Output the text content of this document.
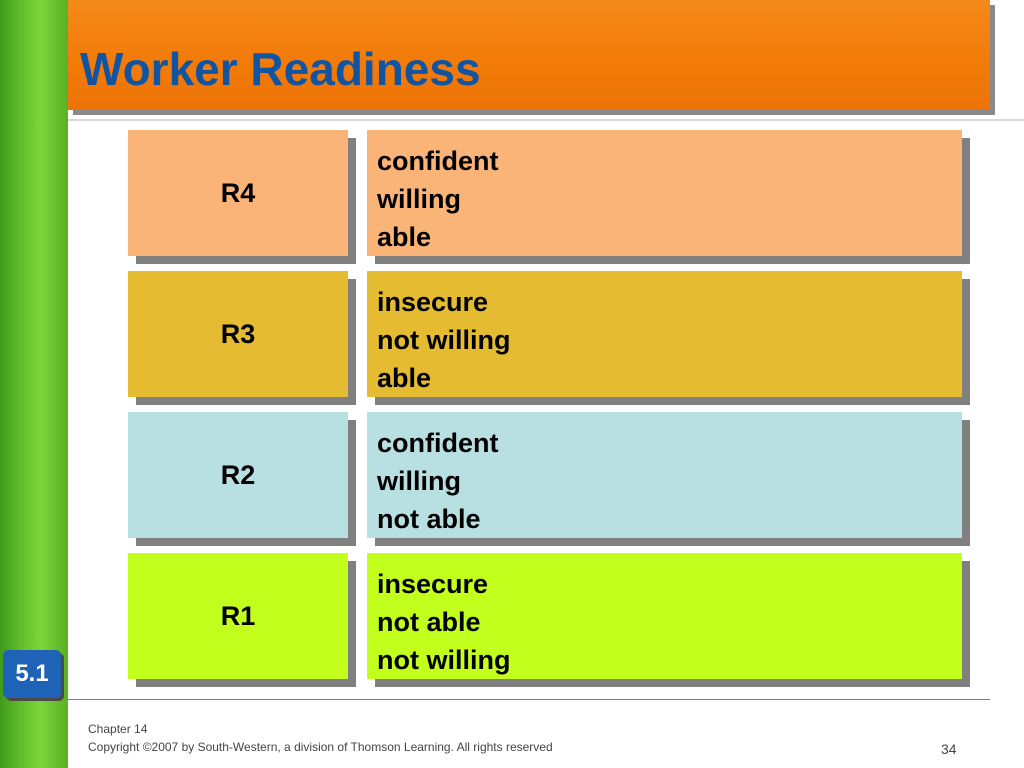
Worker Readiness
R4
confident
willing
able
R3
insecure
not willing
able
R2
confident
willing
not able
R1
insecure
not able
not willing
5.1
Chapter 14
Copyright ©2007 by South-Western, a division of Thomson Learning. All rights reserved	34
